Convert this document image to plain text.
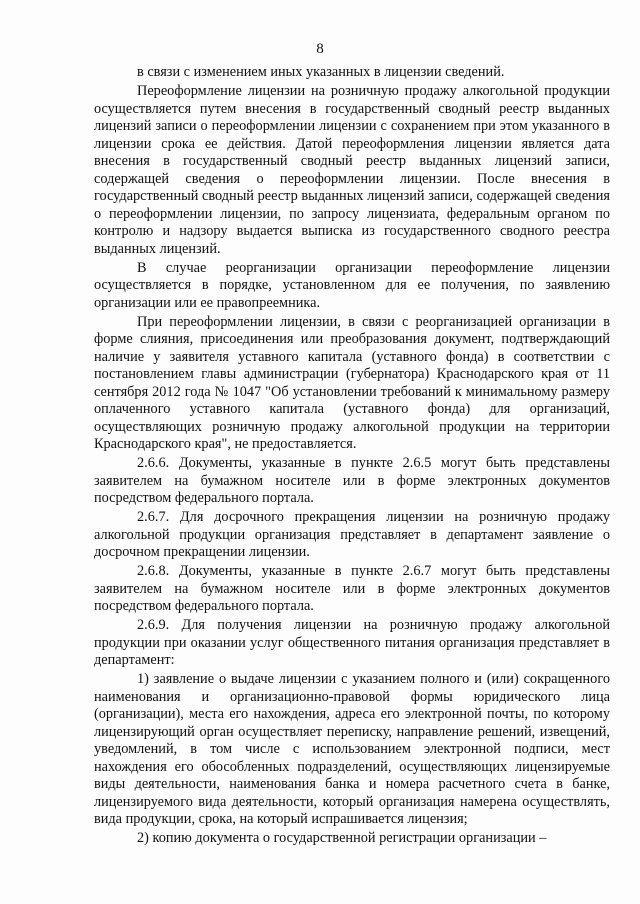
8

в связи с изменением иных указанных в лицензии сведений.

Переоформление лицензии на розничную продажу алкогольной продукции осуществляется путем внесения в государственный сводный реестр выданных лицензий записи о переоформлении лицензии с сохранением при этом указанного в лицензии срока ее действия. Датой переоформления лицензии является дата внесения в государственный сводный реестр выданных лицензий записи, содержащей сведения о переоформлении лицензии. После внесения в государственный сводный реестр выданных лицензий записи, содержащей сведения о переоформлении лицензии, по запросу лицензиата, федеральным органом по контролю и надзору выдается выписка из государственного сводного реестра выданных лицензий.

В случае реорганизации организации переоформление лицензии осуществляется в порядке, установленном для ее получения, по заявлению организации или ее правопреемника.

При переоформлении лицензии, в связи с реорганизацией организации в форме слияния, присоединения или преобразования документ, подтверждающий наличие у заявителя уставного капитала (уставного фонда) в соответствии с постановлением главы администрации (губернатора) Краснодарского края от 11 сентября 2012 года № 1047 "Об установлении требований к минимальному размеру оплаченного уставного капитала (уставного фонда) для организаций, осуществляющих розничную продажу алкогольной продукции на территории Краснодарского края", не предоставляется.

2.6.6. Документы, указанные в пункте 2.6.5 могут быть представлены заявителем на бумажном носителе или в форме электронных документов посредством федерального портала.

2.6.7. Для досрочного прекращения лицензии на розничную продажу алкогольной продукции организация представляет в департамент заявление о досрочном прекращении лицензии.

2.6.8. Документы, указанные в пункте 2.6.7 могут быть представлены заявителем на бумажном носителе или в форме электронных документов посредством федерального портала.

2.6.9. Для получения лицензии на розничную продажу алкогольной продукции при оказании услуг общественного питания организация представляет в департамент:

1) заявление о выдаче лицензии с указанием полного и (или) сокращенного наименования и организационно-правовой формы юридического лица (организации), места его нахождения, адреса его электронной почты, по которому лицензирующий орган осуществляет переписку, направление решений, извещений, уведомлений, в том числе с использованием электронной подписи, мест нахождения его обособленных подразделений, осуществляющих лицензируемые виды деятельности, наименования банка и номера расчетного счета в банке, лицензируемого вида деятельности, который организация намерена осуществлять, вида продукции, срока, на который испрашивается лицензия;

2) копию документа о государственной регистрации организации –
